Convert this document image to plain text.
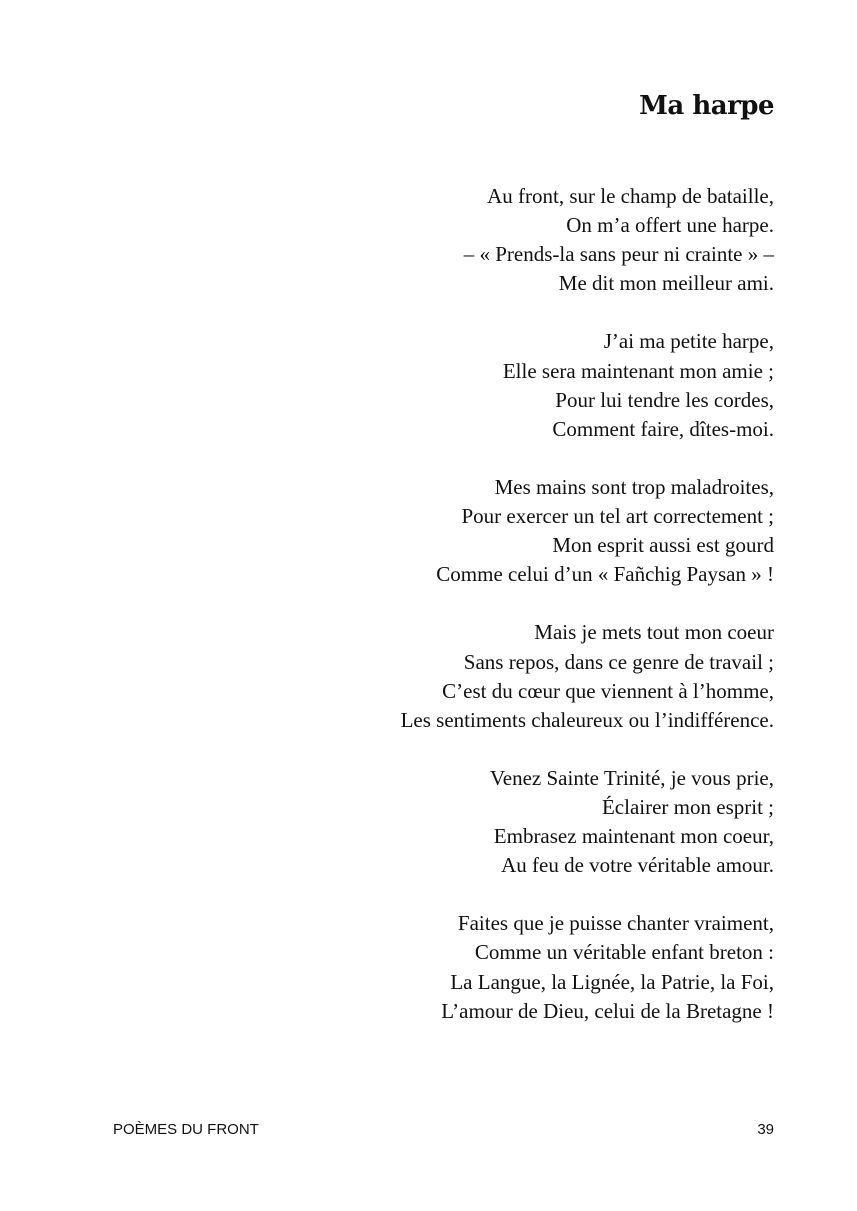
Ma harpe
Au front, sur le champ de bataille,
On m’a offert une harpe.
– « Prends-la sans peur ni crainte » –
Me dit mon meilleur ami.
J’ai ma petite harpe,
Elle sera maintenant mon amie ;
Pour lui tendre les cordes,
Comment faire, dîtes-moi.
Mes mains sont trop maladroites,
Pour exercer un tel art correctement ;
Mon esprit aussi est gourd
Comme celui d’un « Fañchig Paysan » !
Mais je mets tout mon coeur
Sans repos, dans ce genre de travail ;
C’est du cœur que viennent à l’homme,
Les sentiments chaleureux ou l’indifférence.
Venez Sainte Trinité, je vous prie,
Éclairer mon esprit ;
Embrasez maintenant mon coeur,
Au feu de votre véritable amour.
Faites que je puisse chanter vraiment,
Comme un véritable enfant breton :
La Langue, la Lignée, la Patrie, la Foi,
L’amour de Dieu, celui de la Bretagne !
POÈMES DU FRONT	39
